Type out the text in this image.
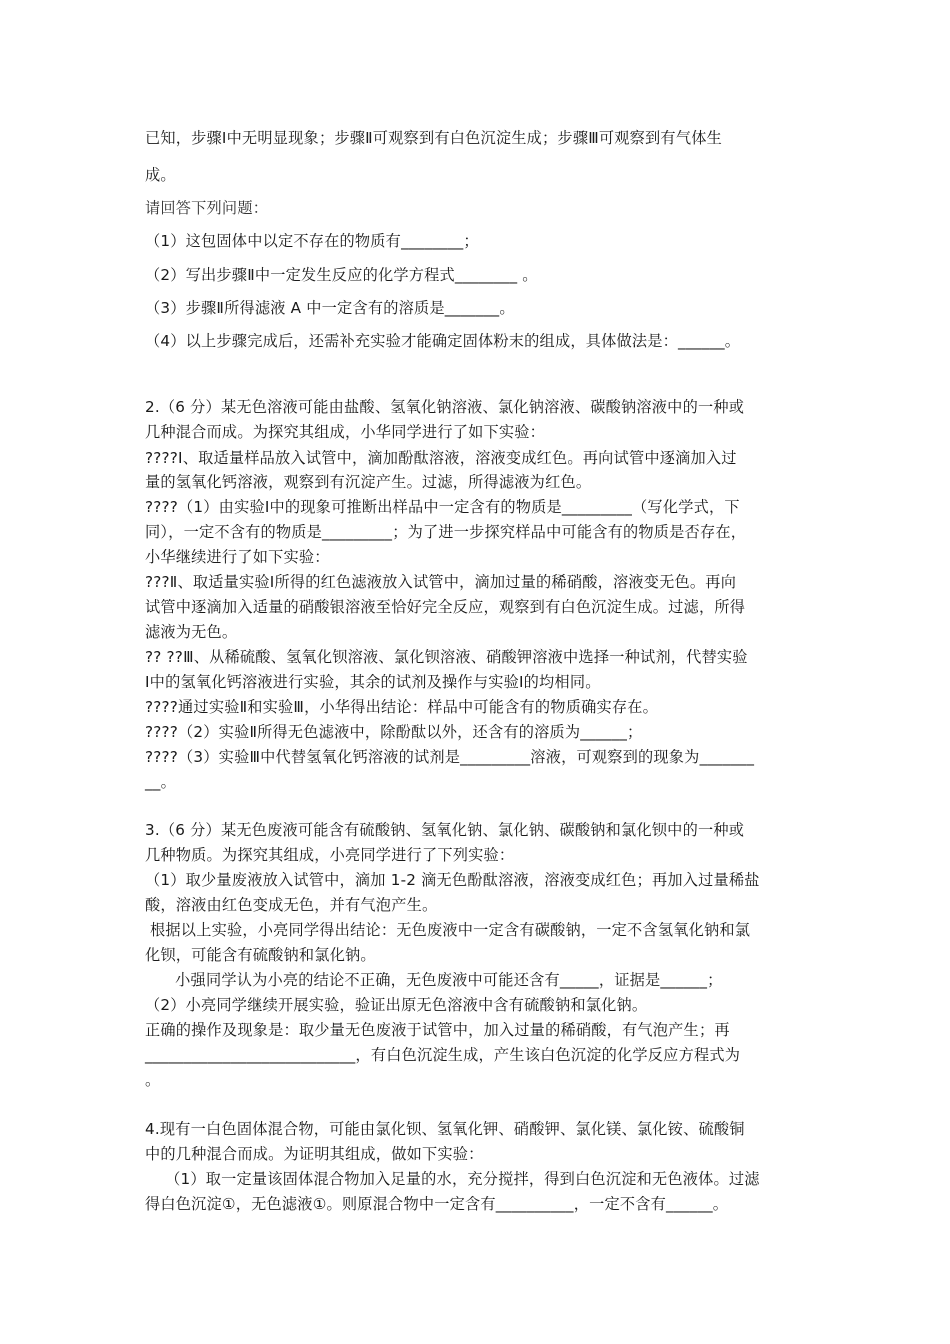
已知，步骤Ⅰ中无明显现象；步骤Ⅱ可观察到有白色沉淀生成；步骤Ⅲ可观察到有气体生
成。
请回答下列问题：
（1）这包固体中以定不存在的物质有________；
（2）写出步骤Ⅱ中一定发生反应的化学方程式________ 。
（3）步骤Ⅱ所得滤液 A 中一定含有的溶质是_______。
（4）以上步骤完成后，还需补充实验才能确定固体粉末的组成，具体做法是：______。
2.（6 分）某无色溶液可能由盐酸、氢氧化钠溶液、氯化钠溶液、碳酸钠溶液中的一种或
几种混合而成。为探究其组成，小华同学进行了如下实验：
????Ⅰ、取适量样品放入试管中，滴加酚酞溶液，溶液变成红色。再向试管中逐滴加入过
量的氢氧化钙溶液，观察到有沉淀产生。过滤，所得滤液为红色。
????（1）由实验Ⅰ中的现象可推断出样品中一定含有的物质是_________（写化学式，下
同），一定不含有的物质是_________；为了进一步探究样品中可能含有的物质是否存在，
小华继续进行了如下实验：
???Ⅱ、取适量实验Ⅰ所得的红色滤液放入试管中，滴加过量的稀硝酸，溶液变无色。再向
试管中逐滴加入适量的硝酸银溶液至恰好完全反应，观察到有白色沉淀生成。过滤，所得
滤液为无色。
?? ??Ⅲ、从稀硫酸、氢氧化钡溶液、氯化钡溶液、硝酸钾溶液中选择一种试剂，代替实验
Ⅰ中的氢氧化钙溶液进行实验，其余的试剂及操作与实验Ⅰ的均相同。
????通过实验Ⅱ和实验Ⅲ，小华得出结论：样品中可能含有的物质确实存在。
????（2）实验Ⅱ所得无色滤液中，除酚酞以外，还含有的溶质为______；
????（3）实验Ⅲ中代替氢氧化钙溶液的试剂是_________溶液，可观察到的现象为_______
__。
3.（6 分）某无色废液可能含有硫酸钠、氢氧化钠、氯化钠、碳酸钠和氯化钡中的一种或
几种物质。为探究其组成，小亮同学进行了下列实验：
（1）取少量废液放入试管中，滴加 1-2 滴无色酚酞溶液，溶液变成红色；再加入过量稀盐
酸，溶液由红色变成无色，并有气泡产生。
根据以上实验，小亮同学得出结论：无色废液中一定含有碳酸钠，一定不含氢氧化钠和氯
化钡，可能含有硫酸钠和氯化钠。
小强同学认为小亮的结论不正确，无色废液中可能还含有_____，证据是______；
（2）小亮同学继续开展实验，验证出原无色溶液中含有硫酸钠和氯化钠。
正确的操作及现象是：取少量无色废液于试管中，加入过量的稀硝酸，有气泡产生；再
___________________________，有白色沉淀生成，产生该白色沉淀的化学反应方程式为
。
4.现有一白色固体混合物，可能由氯化钡、氢氧化钾、硝酸钾、氯化镁、氯化铵、硫酸铜
中的几种混合而成。为证明其组成，做如下实验：
（1）取一定量该固体混合物加入足量的水，充分搅拌，得到白色沉淀和无色液体。过滤
得白色沉淀①，无色滤液①。则原混合物中一定含有__________，一定不含有______。
